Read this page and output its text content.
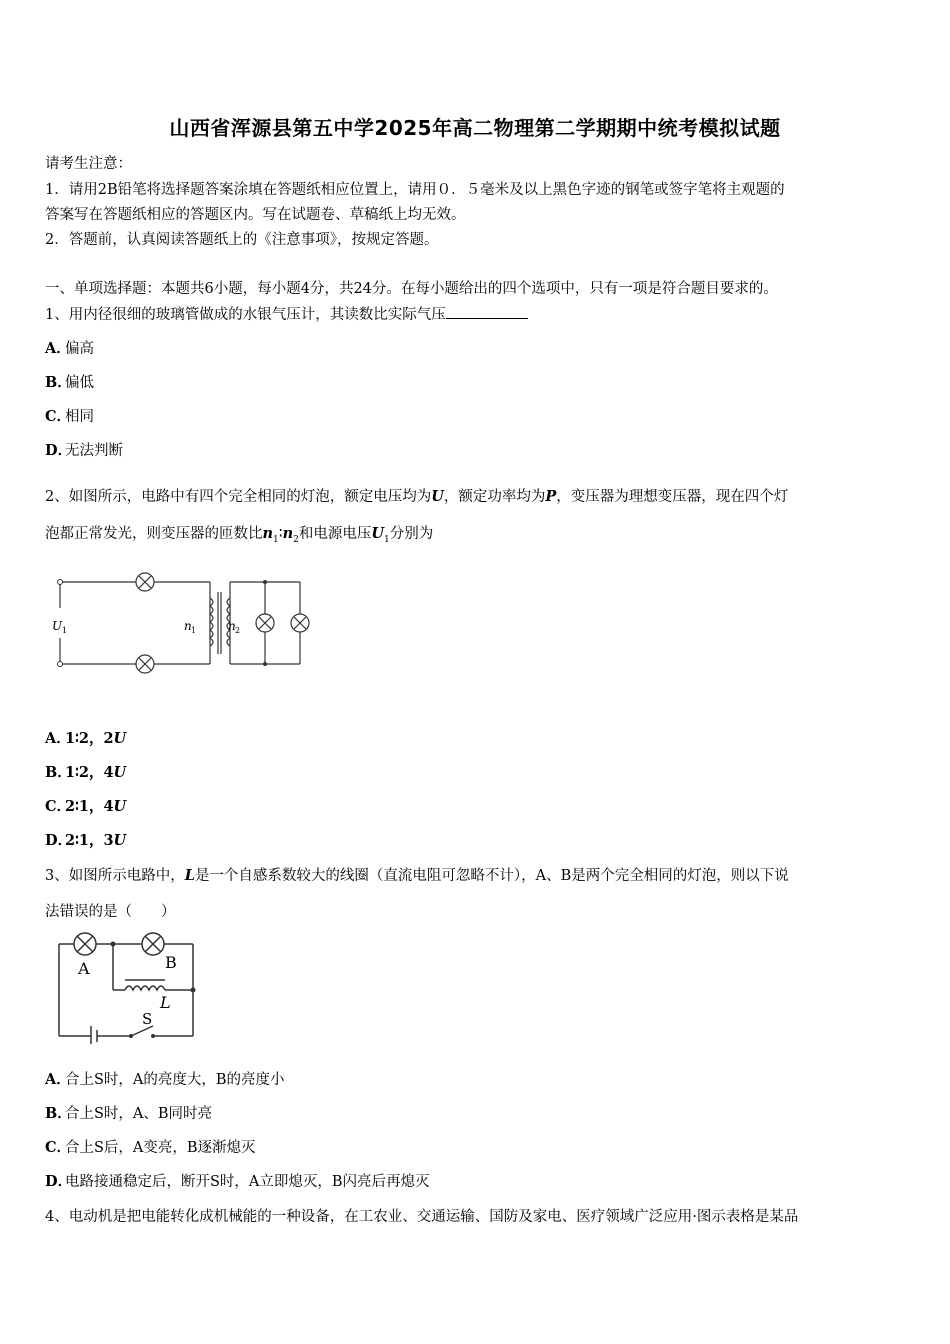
山西省浑源县第五中学2025年高二物理第二学期期中统考模拟试题
请考生注意：
1．请用2B铅笔将选择题答案涂填在答题纸相应位置上，请用０．５毫米及以上黑色字迹的钢笔或签字笔将主观题的
答案写在答题纸相应的答题区内。写在试题卷、草稿纸上均无效。
2．答题前，认真阅读答题纸上的《注意事项》，按规定答题。
一、单项选择题：本题共6小题，每小题4分，共24分。在每小题给出的四个选项中，只有一项是符合题目要求的。
1、用内径很细的玻璃管做成的水银气压计，其读数比实际气压
A．偏高
B．偏低
C．相同
D．无法判断
2、如图所示，电路中有四个完全相同的灯泡，额定电压均为U，额定功率均为P，变压器为理想变压器，现在四个灯
泡都正常发光，则变压器的匝数比$n_1∶n_2$和电源电压$U_1$分别为
U 1	n 1	n 2
A．1∶2，2U
B．1∶2，4U
C．2∶1，4U
D．2∶1，3U
3、如图所示电路中，L是一个自感系数较大的线圈（直流电阻可忽略不计），A、B是两个完全相同的灯泡，则以下说
法错误的是（　　）
A	B
L
S
A．合上S时，A的亮度大，B的亮度小
B．合上S时，A、B同时亮
C．合上S后，A变亮，B逐渐熄灭
D．电路接通稳定后，断开S时，A立即熄灭，B闪亮后再熄灭
4、电动机是把电能转化成机械能的一种设备，在工农业、交通运输、国防及家电、医疗领域广泛应用·图示表格是某品
